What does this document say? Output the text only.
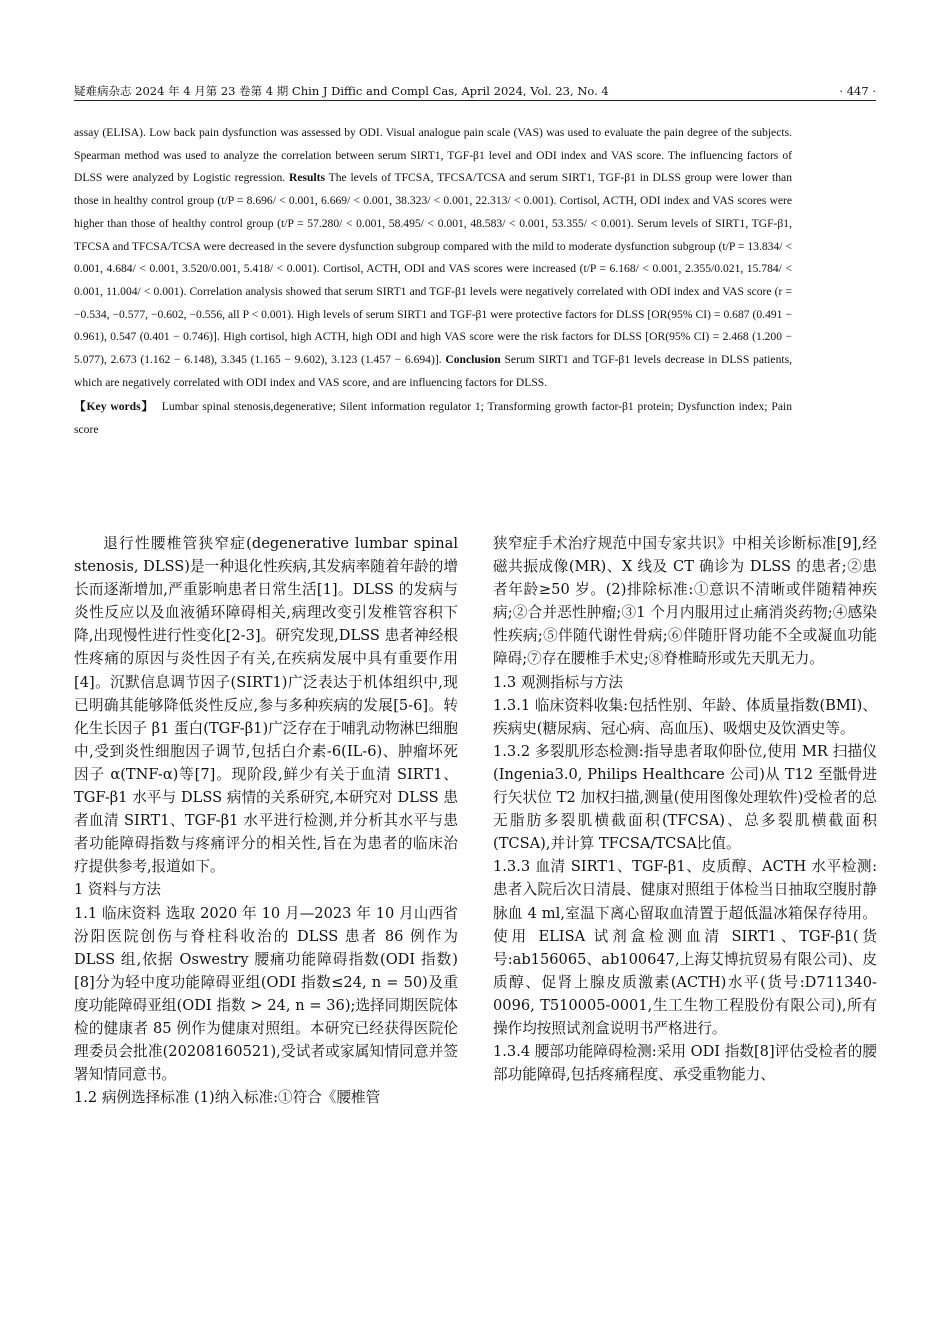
疑难病杂志 2024 年 4 月第 23 卷第 4 期 Chin J Diffic and Compl Cas, April 2024, Vol. 23, No. 4	· 447 ·

assay (ELISA). Low back pain dysfunction was assessed by ODI. Visual analogue pain scale (VAS) was used to evaluate the pain degree of the subjects. Spearman method was used to analyze the correlation between serum SIRT1, TGF-β1 level and ODI index and VAS score. The influencing factors of DLSS were analyzed by Logistic regression. Results The levels of TFCSA, TFCSA/TCSA and serum SIRT1, TGF-β1 in DLSS group were lower than those in healthy control group (t/P = 8.696/ < 0.001, 6.669/ < 0.001, 38.323/ < 0.001, 22.313/ < 0.001). Cortisol, ACTH, ODI index and VAS scores were higher than those of healthy control group (t/P = 57.280/ < 0.001, 58.495/ < 0.001, 48.583/ < 0.001, 53.355/ < 0.001). Serum levels of SIRT1, TGF-β1, TFCSA and TFCSA/TCSA were decreased in the severe dysfunction subgroup compared with the mild to moderate dysfunction subgroup (t/P = 13.834/ < 0.001, 4.684/ < 0.001, 3.520/0.001, 5.418/ < 0.001). Cortisol, ACTH, ODI and VAS scores were increased (t/P = 6.168/ < 0.001, 2.355/0.021, 15.784/ < 0.001, 11.004/ < 0.001). Correlation analysis showed that serum SIRT1 and TGF-β1 levels were negatively correlated with ODI index and VAS score (r = −0.534, −0.577, −0.602, −0.556, all P < 0.001). High levels of serum SIRT1 and TGF-β1 were protective factors for DLSS [OR(95% CI) = 0.687 (0.491 − 0.961), 0.547 (0.401 − 0.746)]. High cortisol, high ACTH, high ODI and high VAS score were the risk factors for DLSS [OR(95% CI) = 2.468 (1.200 − 5.077), 2.673 (1.162 − 6.148), 3.345 (1.165 − 9.602), 3.123 (1.457 − 6.694)]. Conclusion Serum SIRT1 and TGF-β1 levels decrease in DLSS patients, which are negatively correlated with ODI index and VAS score, and are influencing factors for DLSS.

【Key words】 Lumbar spinal stenosis,degenerative; Silent information regulator 1; Transforming growth factor-β1 protein; Dysfunction index; Pain score

退行性腰椎管狭窄症(degenerative lumbar spinal stenosis, DLSS)是一种退化性疾病,其发病率随着年龄的增长而逐渐增加,严重影响患者日常生活[1]。DLSS 的发病与炎性反应以及血液循环障碍相关,病理改变引发椎管容积下降,出现慢性进行性变化[2-3]。研究发现,DLSS 患者神经根性疼痛的原因与炎性因子有关,在疾病发展中具有重要作用[4]。沉默信息调节因子(SIRT1)广泛表达于机体组织中,现已明确其能够降低炎性反应,参与多种疾病的发展[5-6]。转化生长因子 β1 蛋白(TGF-β1)广泛存在于哺乳动物淋巴细胞中,受到炎性细胞因子调节,包括白介素-6(IL-6)、肿瘤坏死因子 α(TNF-α)等[7]。现阶段,鲜少有关于血清 SIRT1、TGF-β1 水平与 DLSS 病情的关系研究,本研究对 DLSS 患者血清 SIRT1、TGF-β1 水平进行检测,并分析其水平与患者功能障碍指数与疼痛评分的相关性,旨在为患者的临床治疗提供参考,报道如下。

1 资料与方法

1.1 临床资料 选取 2020 年 10 月—2023 年 10 月山西省汾阳医院创伤与脊柱科收治的 DLSS 患者 86 例作为 DLSS 组,依据 Oswestry 腰痛功能障碍指数(ODI 指数)[8]分为轻中度功能障碍亚组(ODI 指数≤24, n = 50)及重度功能障碍亚组(ODI 指数 > 24, n = 36);选择同期医院体检的健康者 85 例作为健康对照组。本研究已经获得医院伦理委员会批准(20208160521),受试者或家属知情同意并签署知情同意书。

1.2 病例选择标准 (1)纳入标准:①符合《腰椎管

狭窄症手术治疗规范中国专家共识》中相关诊断标准[9],经磁共振成像(MR)、X 线及 CT 确诊为 DLSS 的患者;②患者年龄≥50 岁。(2)排除标准:①意识不清晰或伴随精神疾病;②合并恶性肿瘤;③1 个月内服用过止痛消炎药物;④感染性疾病;⑤伴随代谢性骨病;⑥伴随肝肾功能不全或凝血功能障碍;⑦存在腰椎手术史;⑧脊椎畸形或先天肌无力。

1.3 观测指标与方法

1.3.1 临床资料收集:包括性别、年龄、体质量指数(BMI)、疾病史(糖尿病、冠心病、高血压)、吸烟史及饮酒史等。

1.3.2 多裂肌形态检测:指导患者取仰卧位,使用 MR 扫描仪(Ingenia3.0, Philips Healthcare 公司)从 T12 至骶骨进行矢状位 T2 加权扫描,测量(使用图像处理软件)受检者的总无脂肪多裂肌横截面积(TFCSA)、总多裂肌横截面积(TCSA),并计算 TFCSA/TCSA比值。

1.3.3 血清 SIRT1、TGF-β1、皮质醇、ACTH 水平检测:患者入院后次日清晨、健康对照组于体检当日抽取空腹肘静脉血 4 ml,室温下离心留取血清置于超低温冰箱保存待用。使用 ELISA 试剂盒检测血清 SIRT1、TGF-β1(货号:ab156065、ab100647,上海艾博抗贸易有限公司)、皮质醇、促肾上腺皮质激素(ACTH)水平(货号:D711340-0096, T510005-0001,生工生物工程股份有限公司),所有操作均按照试剂盒说明书严格进行。

1.3.4 腰部功能障碍检测:采用 ODI 指数[8]评估受检者的腰部功能障碍,包括疼痛程度、承受重物能力、
